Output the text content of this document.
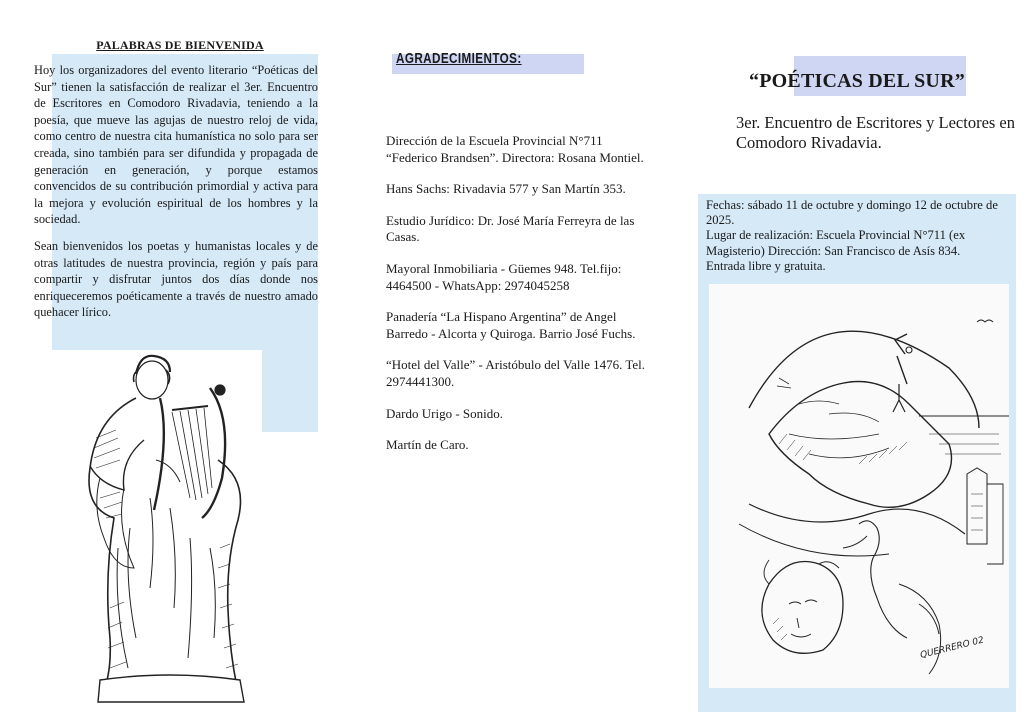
PALABRAS DE BIENVENIDA

Hoy los organizadores del evento literario “Poéticas del Sur” tienen la satisfacción de realizar el 3er. Encuentro de Escritores en Comodoro Rivadavia, teniendo a la poesía, que mueve las agujas de nuestro reloj de vida, como centro de nuestra cita humanística no solo para ser creada, sino también para ser difundida y propagada de generación en generación, y porque estamos convencidos de su contribución primordial y activa para la mejora y evolución espiritual de los hombres y la sociedad.

Sean bienvenidos los poetas y humanistas locales y de otras latitudes de nuestra provincia, región y país para compartir y disfrutar juntos dos días donde nos enriqueceremos poéticamente a través de nuestro amado quehacer lírico.

AGRADECIMIENTOS:
Dirección de la Escuela Provincial N°711 “Federico Brandsen”. Directora: Rosana Montiel.
Hans Sachs: Rivadavia 577 y San Martín 353.
Estudio Jurídico: Dr. José María Ferreyra de las Casas.
Mayoral Inmobiliaria - Güemes 948. Tel.fijo: 4464500 - WhatsApp: 2974045258
Panadería “La Hispano Argentina” de Angel Barredo - Alcorta y Quiroga. Barrio José Fuchs.
“Hotel del Valle” - Aristóbulo del Valle 1476. Tel. 2974441300.
Dardo Urigo - Sonido.
Martín de Caro.
“POÉTICAS DEL SUR”
3er. Encuentro de Escritores y Lectores en Comodoro Rivadavia.
Fechas: sábado 11 de octubre y domingo 12 de octubre de 2025.
Lugar de realización: Escuela Provincial N°711 (ex Magisterio) Dirección: San Francisco de Asís 834.
Entrada libre y gratuita.
QUERRERO 02
